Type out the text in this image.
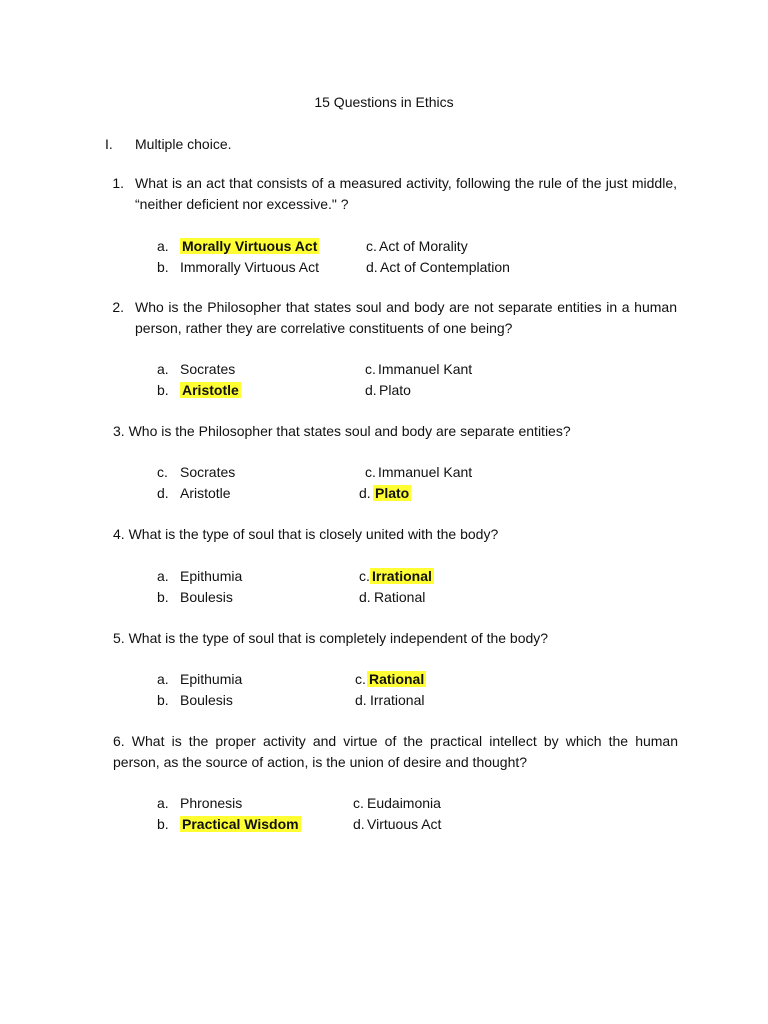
15 Questions in Ethics
I. Multiple choice.
1. What is an act that consists of a measured activity, following the rule of the just middle, “neither deficient nor excessive." ?
a. Morally Virtuous Act
b. Immorally Virtuous Act
c. Act of Morality
d. Act of Contemplation
2. Who is the Philosopher that states soul and body are not separate entities in a human person, rather they are correlative constituents of one being?
a. Socrates
b. Aristotle
c. Immanuel Kant
d. Plato
3. Who is the Philosopher that states soul and body are separate entities?
c. Socrates
d. Aristotle
c. Immanuel Kant
d. Plato
4. What is the type of soul that is closely united with the body?
a. Epithumia
b. Boulesis
c. Irrational
d. Rational
5. What is the type of soul that is completely independent of the body?
a. Epithumia
b. Boulesis
c. Rational
d. Irrational
6. What is the proper activity and virtue of the practical intellect by which the human person, as the source of action, is the union of desire and thought?
a. Phronesis
b. Practical Wisdom
c. Eudaimonia
d. Virtuous Act
